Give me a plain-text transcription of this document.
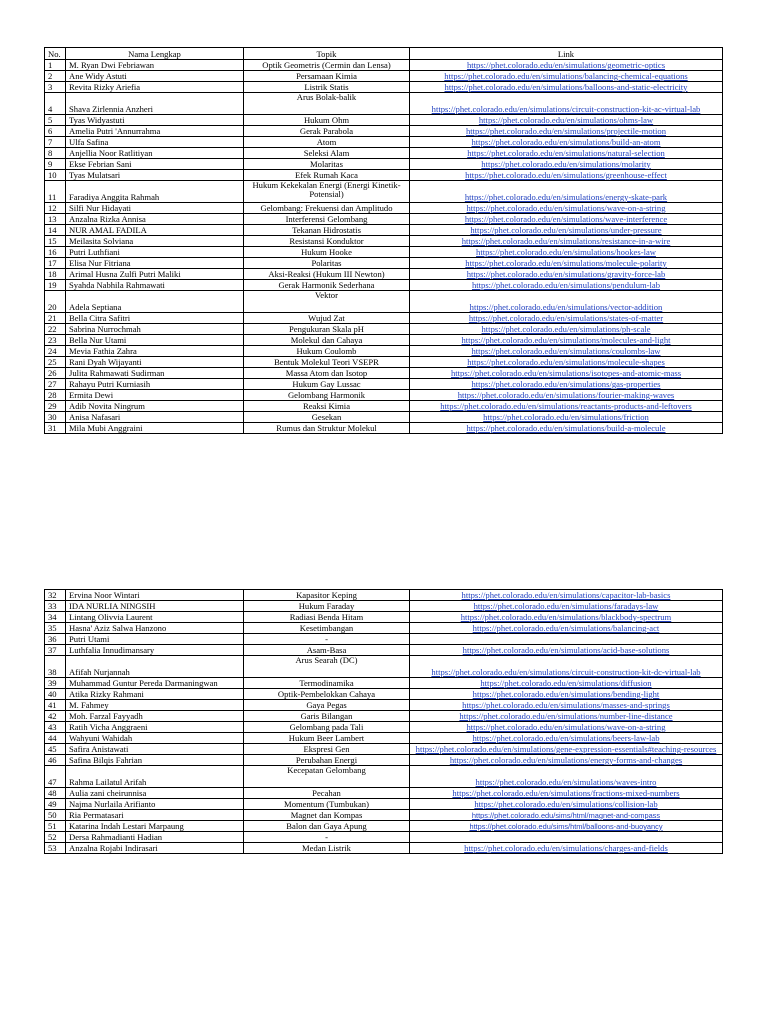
No.	Nama Lengkap	Topik	Link
1	M. Ryan Dwi Febriawan	Optik Geometris (Cermin dan Lensa)	https://phet.colorado.edu/en/simulations/geometric-optics
2	Ane Widy Astuti	Persamaan Kimia	https://phet.colorado.edu/en/simulations/balancing-chemical-equations
3	Revita Rizky Ariefia	Listrik Statis	https://phet.colorado.edu/en/simulations/balloons-and-static-electricity
4	Shava Zirlennia Anzheri	Arus Bolak-balik	https://phet.colorado.edu/en/simulations/circuit-construction-kit-ac-virtual-lab

5	Tyas Widyastuti	Hukum Ohm	https://phet.colorado.edu/en/simulations/ohms-law
6	Amelia Putri 'Annurrahma	Gerak Parabola	https://phet.colorado.edu/en/simulations/projectile-motion
7	Ulfa Safina	Atom	https://phet.colorado.edu/en/simulations/build-an-atom
8	Anjellia Noor Ratlitiyan	Seleksi Alam	https://phet.colorado.edu/en/simulations/natural-selection
9	Ekse Febrian Sani	Molaritas	https://phet.colorado.edu/en/simulations/molarity
10	Tyas Mulatsari	Efek Rumah Kaca	https://phet.colorado.edu/en/simulations/greenhouse-effect
11	Faradiya Anggita Rahmah	Hukum Kekekalan Energi (Energi Kinetik-Potensial)	https://phet.colorado.edu/en/simulations/energy-skate-park

12	Silfi Nur Hidayati	Gelombang: Frekuensi dan Amplitudo	https://phet.colorado.edu/en/simulations/wave-on-a-string
13	Anzalna Rizka Annisa	Interferensi Gelombang	https://phet.colorado.edu/en/simulations/wave-interference
14	NUR AMAL FADILA	Tekanan Hidrostatis	https://phet.colorado.edu/en/simulations/under-pressure
15	Meilasita Solviana	Resistansi Konduktor	https://phet.colorado.edu/en/simulations/resistance-in-a-wire
16	Putri Luthfiani	Hukum Hooke	https://phet.colorado.edu/en/simulations/hookes-law
17	Elisa Nur Fitriana	Polaritas	https://phet.colorado.edu/en/simulations/molecule-polarity
18	Arimal Husna Zulfi Putri Maliki	Aksi-Reaksi (Hukum III Newton)	https://phet.colorado.edu/en/simulations/gravity-force-lab
19	Syahda Nabhila Rahmawati	Gerak Harmonik Sederhana	https://phet.colorado.edu/en/simulations/pendulum-lab
20	Adela Septiana	Vektor	https://phet.colorado.edu/en/simulations/vector-addition

21	Bella Citra Safitri	Wujud Zat	https://phet.colorado.edu/en/simulations/states-of-matter
22	Sabrina Nurrochmah	Pengukuran Skala pH	https://phet.colorado.edu/en/simulations/ph-scale
23	Bella Nur Utami	Molekul dan Cahaya	https://phet.colorado.edu/en/simulations/molecules-and-light
24	Mevia Fathia Zahra	Hukum Coulomb	https://phet.colorado.edu/en/simulations/coulombs-law
25	Rani Dyah Wijayanti	Bentuk Molekul Teori VSEPR	https://phet.colorado.edu/en/simulations/molecule-shapes
26	Julita Rahmawati Sudirman	Massa Atom dan Isotop	https://phet.colorado.edu/en/simulations/isotopes-and-atomic-mass
27	Rahayu Putri Kurniasih	Hukum Gay Lussac	https://phet.colorado.edu/en/simulations/gas-properties
28	Ermita Dewi	Gelombang Harmonik	https://phet.colorado.edu/en/simulations/fourier-making-waves
29	Adib Novita Ningrum	Reaksi Kimia	https://phet.colorado.edu/en/simulations/reactants-products-and-leftovers
30	Anisa Nafasari	Gesekan	https://phet.colorado.edu/en/simulations/friction
31	Mila Mubi Anggraini	Rumus dan Struktur Molekul	https://phet.colorado.edu/en/simulations/build-a-molecule
32	Ervina Noor Wintari	Kapasitor Keping	https://phet.colorado.edu/en/simulations/capacitor-lab-basics
33	IDA NURLIA NINGSIH	Hukum Faraday	https://phet.colorado.edu/en/simulations/faradays-law
34	Lintang Olivvia Laurent	Radiasi Benda Hitam	https://phet.colorado.edu/en/simulations/blackbody-spectrum
35	Hasna' Aziz Salwa Hanzono	Kesetimbangan	https://phet.colorado.edu/en/simulations/balancing-act
36	Putri Utami	-	
37	Luthfalia Innudimansary	Asam-Basa	https://phet.colorado.edu/en/simulations/acid-base-solutions
38	Afifah Nurjannah	Arus Searah (DC)	https://phet.colorado.edu/en/simulations/circuit-construction-kit-dc-virtual-lab

39	Muhammad Guntur Pereda Darmaningwan	Termodinamika	https://phet.colorado.edu/en/simulations/diffusion
40	Atika Rizky Rahmani	Optik-Pembelokkan Cahaya	https://phet.colorado.edu/en/simulations/bending-light
41	M. Fahmey	Gaya Pegas	https://phet.colorado.edu/en/simulations/masses-and-springs
42	Moh. Farzal Fayyadh	Garis Bilangan	https://phet.colorado.edu/en/simulations/number-line-distance
43	Ratih Vicha Anggraeni	Gelombang pada Tali	https://phet.colorado.edu/en/simulations/wave-on-a-string
44	Wahyuni Wahidah	Hukum Beer Lambert	https://phet.colorado.edu/en/simulations/beers-law-lab
45	Safira Anistawati	Ekspresi Gen	https://phet.colorado.edu/en/simulations/gene-expression-essentials#teaching-resources
46	Safina Bilqis Fahrian	Perubahan Energi	https://phet.colorado.edu/en/simulations/energy-forms-and-changes
47	Rahma Lailatul Arifah	Kecepatan Gelombang	https://phet.colorado.edu/en/simulations/waves-intro

48	Aulia zani cheirunnisa	Pecahan	https://phet.colorado.edu/en/simulations/fractions-mixed-numbers
49	Najma Nurlaila Arifianto	Momentum (Tumbukan)	https://phet.colorado.edu/en/simulations/collision-lab
50	Ria Permatasari	Magnet dan Kompas	https://phet.colorado.edu/sims/html/magnet-and-compass
51	Katarina Indah Lestari Marpaung	Balon dan Gaya Apung	https://phet.colorado.edu/sims/html/balloons-and-buoyancy
52	Dersa Rahmadianti Hadian	-	
53	Anzalna Rojabi Indirasari	Medan Listrik	https://phet.colorado.edu/en/simulations/charges-and-fields
